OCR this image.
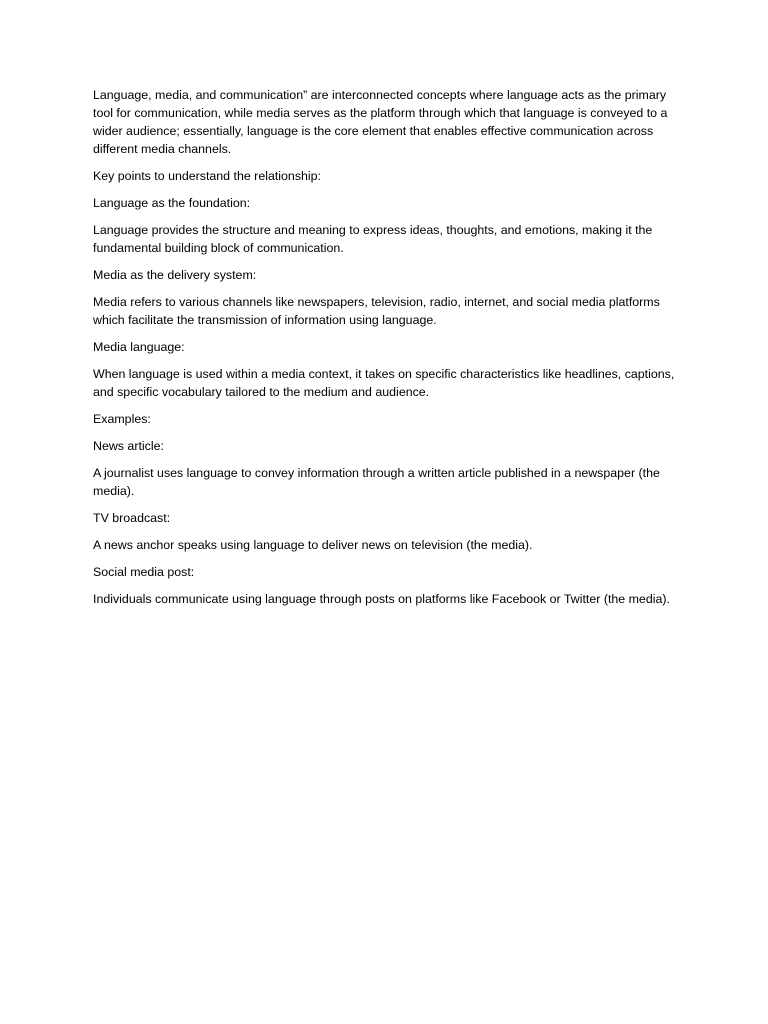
Language, media, and communication” are interconnected concepts where language acts as the primary tool for communication, while media serves as the platform through which that language is conveyed to a wider audience; essentially, language is the core element that enables effective communication across different media channels.

Key points to understand the relationship:

Language as the foundation:

Language provides the structure and meaning to express ideas, thoughts, and emotions, making it the fundamental building block of communication.

Media as the delivery system:

Media refers to various channels like newspapers, television, radio, internet, and social media platforms which facilitate the transmission of information using language.

Media language:

When language is used within a media context, it takes on specific characteristics like headlines, captions, and specific vocabulary tailored to the medium and audience.

Examples:

News article:

A journalist uses language to convey information through a written article published in a newspaper (the media).

TV broadcast:

A news anchor speaks using language to deliver news on television (the media).

Social media post:

Individuals communicate using language through posts on platforms like Facebook or Twitter (the media).
